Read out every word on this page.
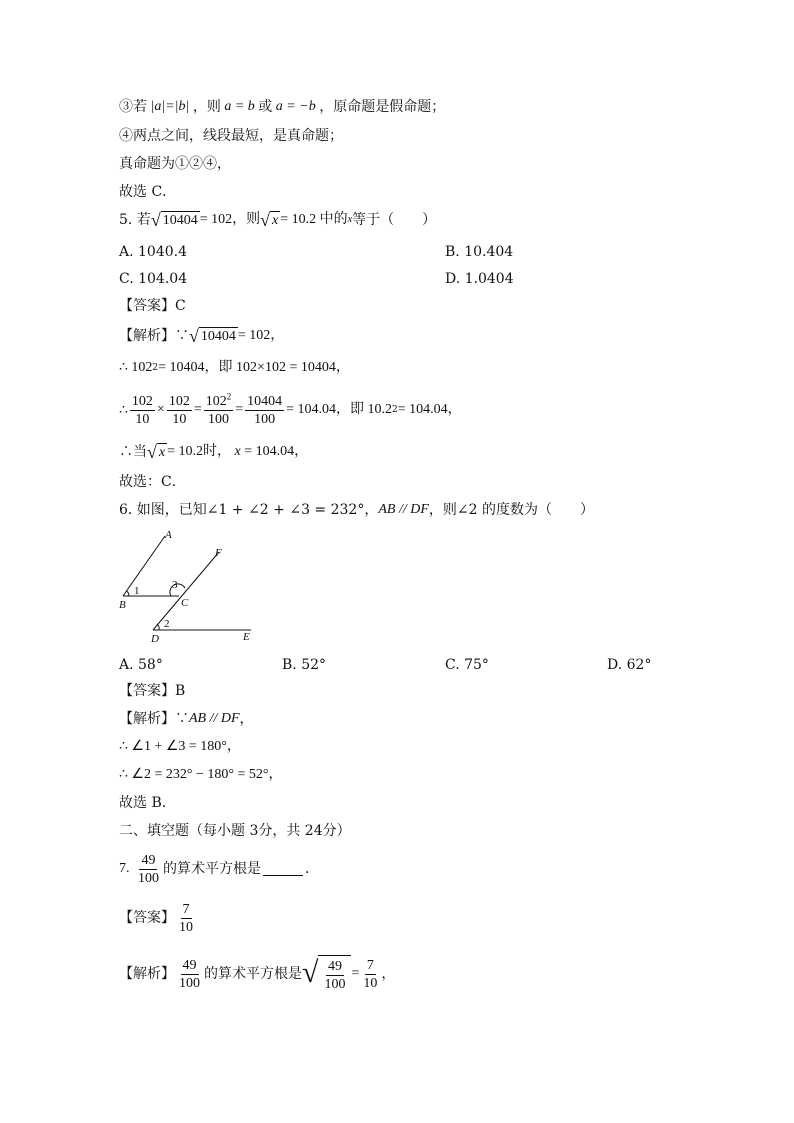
③若 |a|=|b| ，则 a = b 或 a = −b ，原命题是假命题；
④两点之间，线段最短，是真命题；
真命题为①②④，
故选 C．
5. 若 √ 10404 = 102，则 √ x = 10.2 中的 x 等于（　　）
A. 1040.4	B. 10.404
C. 104.04	D. 1.0404
【答案】C
【解析】∵ √ 10404 = 102，
∴ 102 2 = 10404，即 102×102 = 10404，
∴ $\frac{102}{10} \times \frac{102}{10} = \frac{102^2}{100} = \frac{10404}{100} = 104.04$，即 10.2 2 = 104.04，
∴当 √ x = 10.2时， x = 104.04，
故选：C．
6. 如图，已知∠1 + ∠2 + ∠3 = 232°， AB // DF ，则∠2 的度数为（　　）
A
F
B	C
D	E
1	3
2
A. 58°	B. 52°	C. 75°	D. 62°
【答案】B
【解析】∵ AB // DF ，
∴ ∠1 + ∠3 = 180°，
∴ ∠2 = 232° − 180° = 52°，
故选 B．
二、填空题（每小题 3分，共 24分）
7.
$\frac{49}{100}$ 的算术平方根是	．
【答案】 $\frac{7}{10}$
【解析】 $\frac{49}{100}$ 的算术平方根是 √ $\frac{49}{100} = \frac{7}{10}$ ，
